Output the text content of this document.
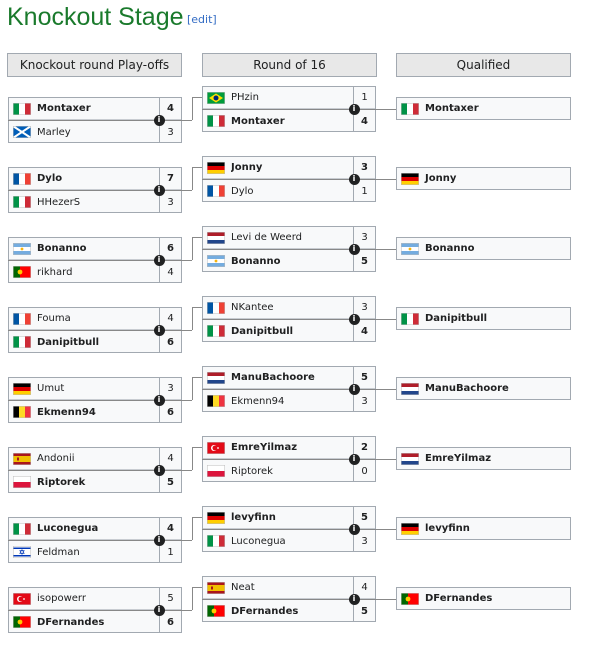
Knockout Stage [edit]
Knockout round Play-offs	Round of 16	Qualified
Montaxer	4
Marley	3
i
Dylo	7
HHezerS	3
i
Bonanno	6
rikhard	4
i
Fouma	4
Danipitbull	6
i
Umut	3
Ekmenn94	6
i
Andonii	4
Riptorek	5
i
Luconegua	4
Feldman	1
i
isopowerr	5
DFernandes	6
i
PHzin	1
Montaxer	4
i
Jonny	3
Dylo	1
i
Levi de Weerd	3
Bonanno	5
i
NKantee	3
Danipitbull	4
i
ManuBachoore	5
Ekmenn94	3
i
EmreYilmaz	2
Riptorek	0
i
levyfinn	5
Luconegua	3
i
Neat	4
DFernandes	5
i
Montaxer
Jonny
Bonanno
Danipitbull
ManuBachoore
EmreYilmaz
levyfinn
DFernandes
